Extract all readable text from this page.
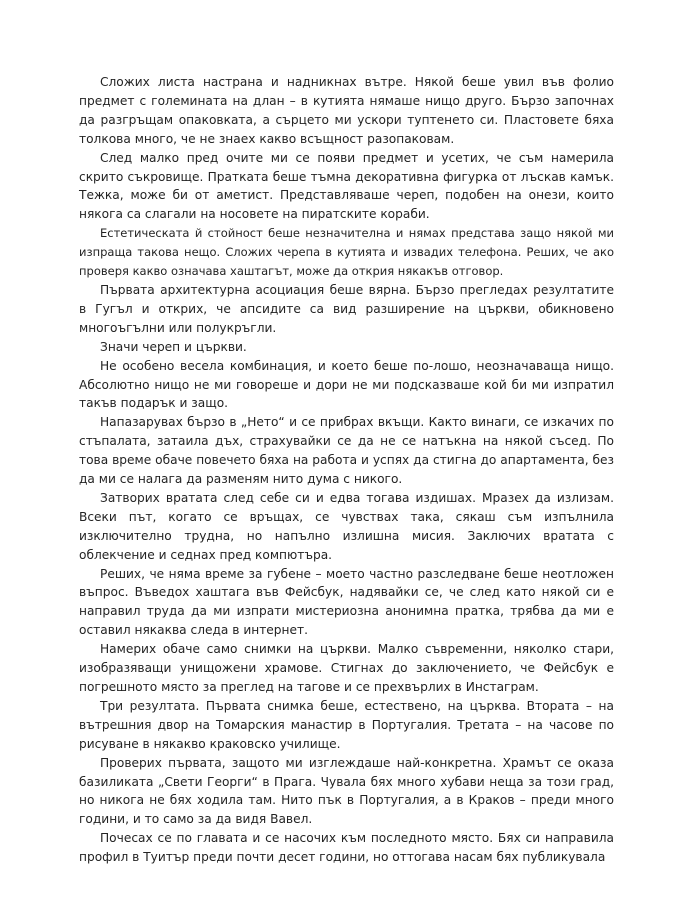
Сложих листа настрана и надникнах вътре. Някой беше увил във фолио предмет с големината на длан – в кутията нямаше нищо друго. Бързо започнах да разгръщам опаковката, а сърцето ми ускори туптенето си. Пластовете бяха толкова много, че не знаех какво всъщност разопаковам.

След малко пред очите ми се появи предмет и усетих, че съм намерила скрито съкровище. Пратката беше тъмна декоративна фигурка от лъскав камък. Тежка, може би от аметист. Представляваше череп, подобен на онези, които някога са слагали на носовете на пиратските кораби.

Естетическата й стойност беше незначителна и нямах представа защо някой ми изпраща такова нещо. Сложих черепа в кутията и извадих телефона. Реших, че ако проверя какво означава хаштагът, може да открия някакъв отговор.

Първата архитектурна асоциация беше вярна. Бързо прегледах резултатите в Гугъл и открих, че апсидите са вид разширение на църкви, обикновено многоъгълни или полукръгли.

Значи череп и църкви.

Не особено весела комбинация, и което беше по-лошо, неозначаваща нищо. Абсолютно нищо не ми говореше и дори не ми подсказваше кой би ми изпратил такъв подарък и защо.

Напазарувах бързо в „Нето“ и се прибрах вкъщи. Както винаги, се изкачих по стъпалата, затаила дъх, страхувайки се да не се натъкна на някой съсед. По това време обаче повечето бяха на работа и успях да стигна до апартамента, без да ми се налага да разменям нито дума с никого.

Затворих вратата след себе си и едва тогава издишах. Мразех да излизам. Всеки път, когато се връщах, се чувствах така, сякаш съм изпълнила изключително трудна, но напълно излишна мисия. Заключих вратата с облекчение и седнах пред компютъра.

Реших, че няма време за губене – моето частно разследване беше неотложен въпрос. Въведох хаштага във Фейсбук, надявайки се, че след като някой си е направил труда да ми изпрати мистериозна анонимна пратка, трябва да ми е оставил някаква следа в интернет.

Намерих обаче само снимки на църкви. Малко съвременни, няколко стари, изобразяващи унищожени храмове. Стигнах до заключението, че Фейсбук е погрешното място за преглед на тагове и се прехвърлих в Инстаграм.

Три резултата. Първата снимка беше, естествено, на църква. Втората – на вътрешния двор на Томарския манастир в Португалия. Третата – на часове по рисуване в някакво краковско училище.

Проверих първата, защото ми изглеждаше най-конкретна. Храмът се оказа базиликата „Свети Георги“ в Прага. Чувала бях много хубави неща за този град, но никога не бях ходила там. Нито пък в Португалия, а в Краков – преди много години, и то само за да видя Вавел.

Почесах се по главата и се насочих към последното място. Бях си направила профил в Туитър преди почти десет години, но оттогава насам бях публикувала
